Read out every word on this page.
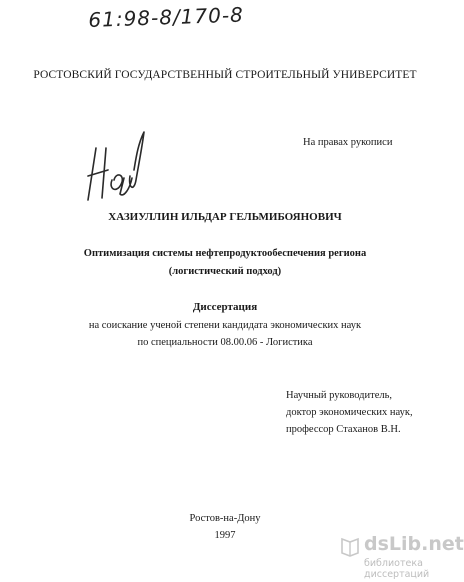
61:98-8/170-8
РОСТОВСКИЙ ГОСУДАРСТВЕННЫЙ СТРОИТЕЛЬНЫЙ УНИВЕРСИТЕТ
На правах рукописи
ХАЗИУЛЛИН ИЛЬДАР ГЕЛЬМИБОЯНОВИЧ
Оптимизация системы нефтепродуктообеспечения региона
(логистический подход)
Диссертация
на соискание ученой степени кандидата экономических наук
по специальности 08.00.06 - Логистика
Научный руководитель,
доктор экономических наук,
профессор Стаханов В.Н.
Ростов-на-Дону
1997	dsLib.net
библиотека диссертаций
